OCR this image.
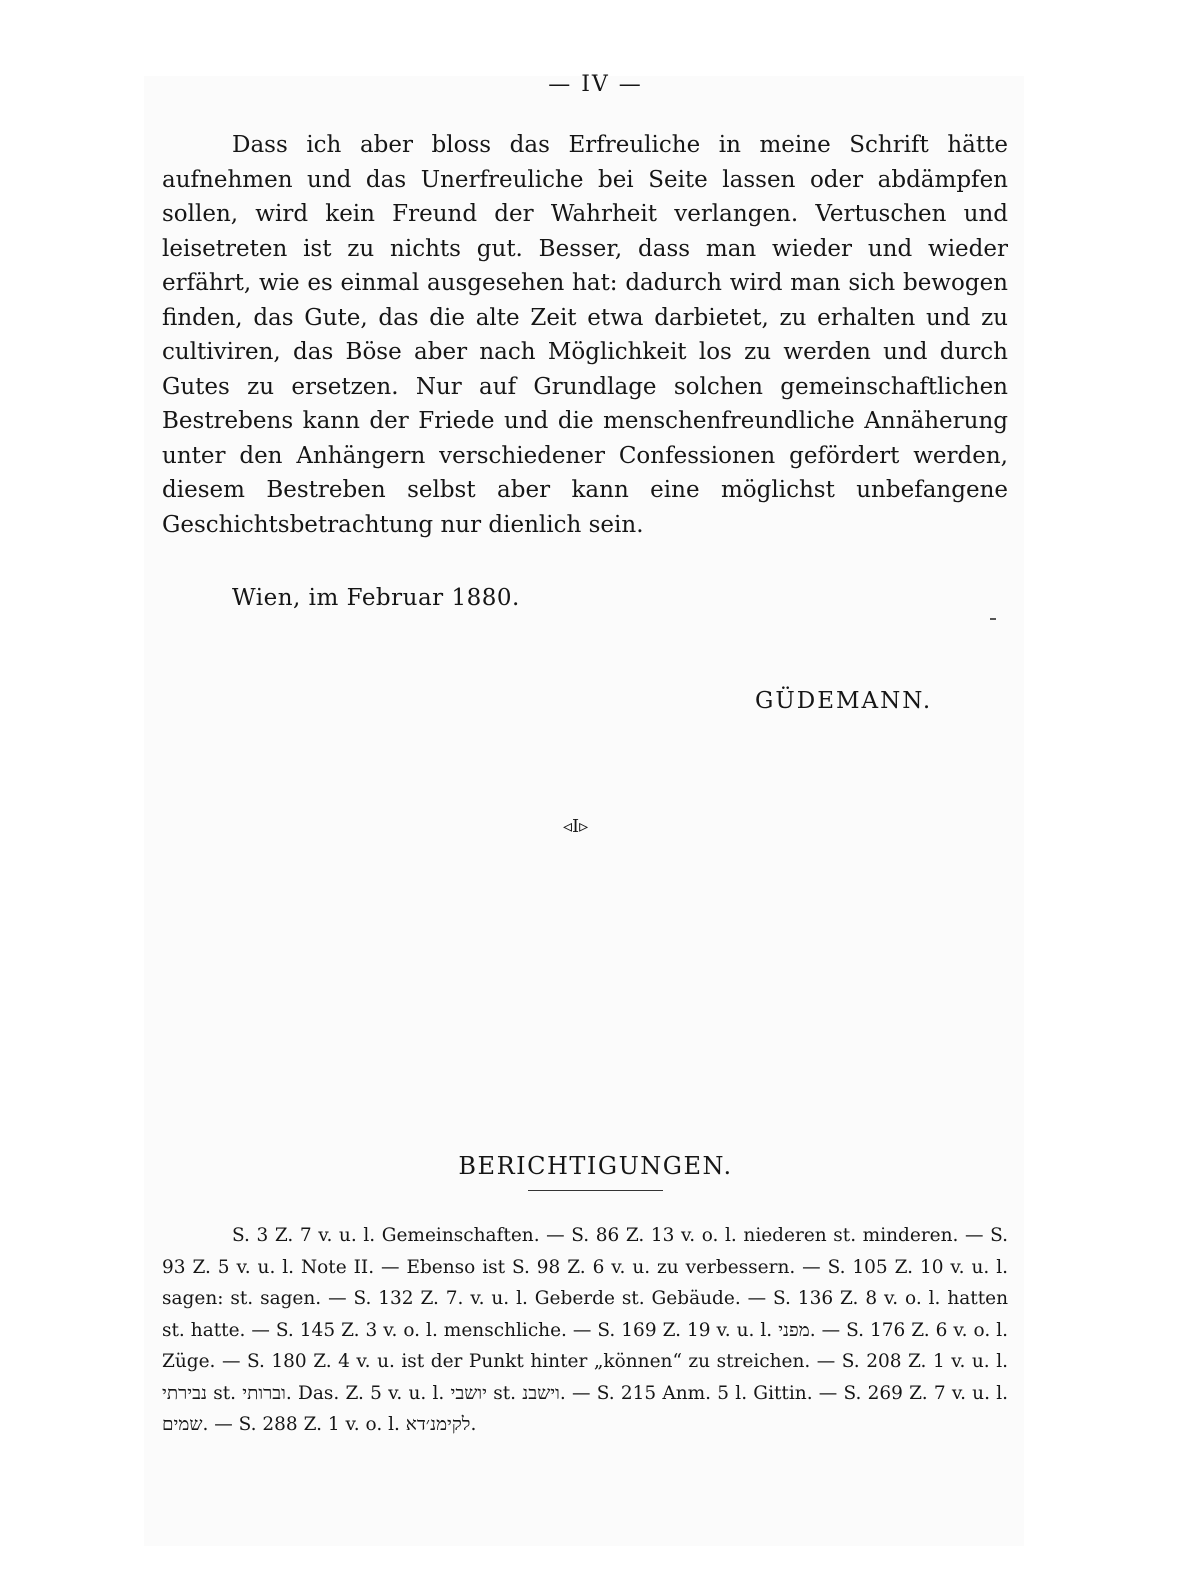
— IV —

Dass ich aber bloss das Erfreuliche in meine Schrift hätte aufnehmen und das Unerfreuliche bei Seite lassen oder abdämpfen sollen, wird kein Freund der Wahrheit verlangen. Vertuschen und leisetreten ist zu nichts gut. Besser, dass man wieder und wieder erfährt, wie es einmal ausgesehen hat: dadurch wird man sich bewogen finden, das Gute, das die alte Zeit etwa darbietet, zu erhalten und zu cultiviren, das Böse aber nach Möglichkeit los zu werden und durch Gutes zu ersetzen. Nur auf Grundlage solchen gemeinschaftlichen Bestrebens kann der Friede und die menschenfreundliche Annäherung unter den Anhängern verschiedener Confessionen gefördert werden, diesem Bestreben selbst aber kann eine möglichst unbefangene Geschichtsbetrachtung nur dienlich sein.

Wien, im Februar 1880.
GÜDEMANN.
◃I▹
BERICHTIGUNGEN.

S. 3 Z. 7 v. u. l. Gemeinschaften. — S. 86 Z. 13 v. o. l. niederen st. minderen. — S. 93 Z. 5 v. u. l. Note II. — Ebenso ist S. 98 Z. 6 v. u. zu verbessern. — S. 105 Z. 10 v. u. l. sagen: st. sagen. — S. 132 Z. 7. v. u. l. Geberde st. Gebäude. — S. 136 Z. 8 v. o. l. hatten st. hatte. — S. 145 Z. 3 v. o. l. menschliche. — S. 169 Z. 19 v. u. l. מפני. — S. 176 Z. 6 v. o. l. Züge. — S. 180 Z. 4 v. u. ist der Punkt hinter „können“ zu streichen. — S. 208 Z. 1 v. u. l. נבירתי st. וברותי. Das. Z. 5 v. u. l. יושבי st. וישבנ. — S. 215 Anm. 5 l. Gittin. — S. 269 Z. 7 v. u. l. שמים. — S. 288 Z. 1 v. o. l. לקימנ׳דא.
